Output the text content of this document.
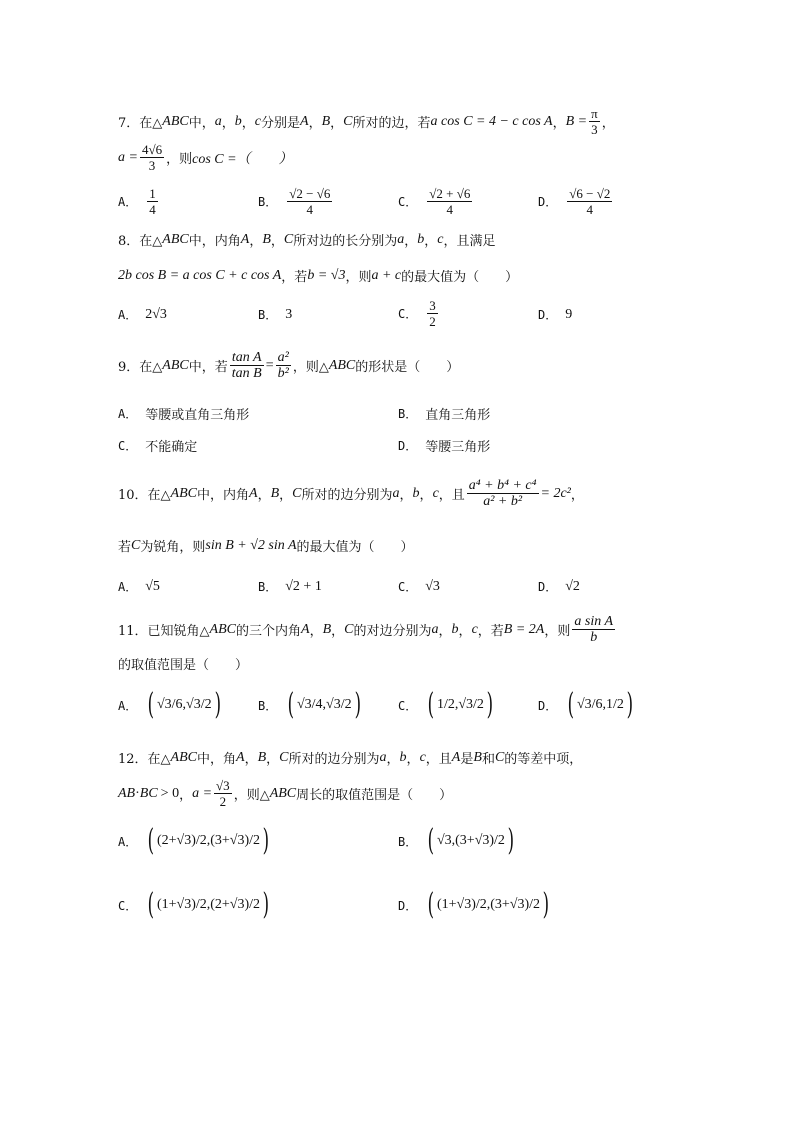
7．在△ ABC 中， a ， b ， c 分别是 A ， B ， C 所对的边，若 a cos C = 4 − c cos A ， $B = \frac{\pi}{3}$ ，
$a = \frac{4√6}{3}$ ，则 cos C =（　　）
A． $\frac{1}{4}$	B． $\frac{√2 - √6}{4}$	C． $\frac{√2 + √6}{4}$	D． $\frac{√6 - √2}{4}$
8．在△ ABC 中，内角 A ， B ， C 所对边的长分别为 a ， b ， c ，且满足
2b cos B = a cos C + c cos A ，若 b = √3 ，则 a + c 的最大值为（　　）
A． 2√3	B． 3	C． $\frac{3}{2}$	D． 9
9．在△ ABC 中，若 $\frac{\text{tan A}}{\text{tan B}} = \frac{\text{a²}}{\text{b²}}$ ，则△ ABC 的形状是（　　）
A． 等腰或直角三角形	B． 直角三角形
C． 不能确定	D． 等腰三角形
10．在△ ABC 中，内角 A ， B ， C 所对的边分别为 a ， b ， c ，且 $\frac{\text{a⁴ + b⁴ + c⁴}}{\text{a² + b²}} = 2c^2$ ，
若 C 为锐角，则 sin B + √2 sin A 的最大值为（　　）
A． √5	B． √2 + 1	C． √3	D． √2
11．已知锐角△ ABC 的三个内角 A ， B ， C 的对边分别为 a ， b ， c ，若 B = 2A ，则 $\frac{\text{a sin A}}{b}$
的取值范围是（　　）
A． ( √3/6 , √3/2 )	B． ( √3/4 , √3/2 )	C． ( 1/2 , √3/2 )	D． ( √3/6 , 1/2 )
12．在△ ABC 中，角 A ， B ， C 所对的边分别为 a ， b ， c ，且 A 是 B 和 C 的等差中项，
AB · BC > 0 ， $a = \frac{√3}{2}$ ，则△ ABC 周长的取值范围是（　　）
A． ( (2+√3)/2 , (3+√3)/2 )	B． ( √3 , (3+√3)/2 )
C． ( (1+√3)/2 , (2+√3)/2 )	D． ( (1+√3)/2 , (3+√3)/2 )
